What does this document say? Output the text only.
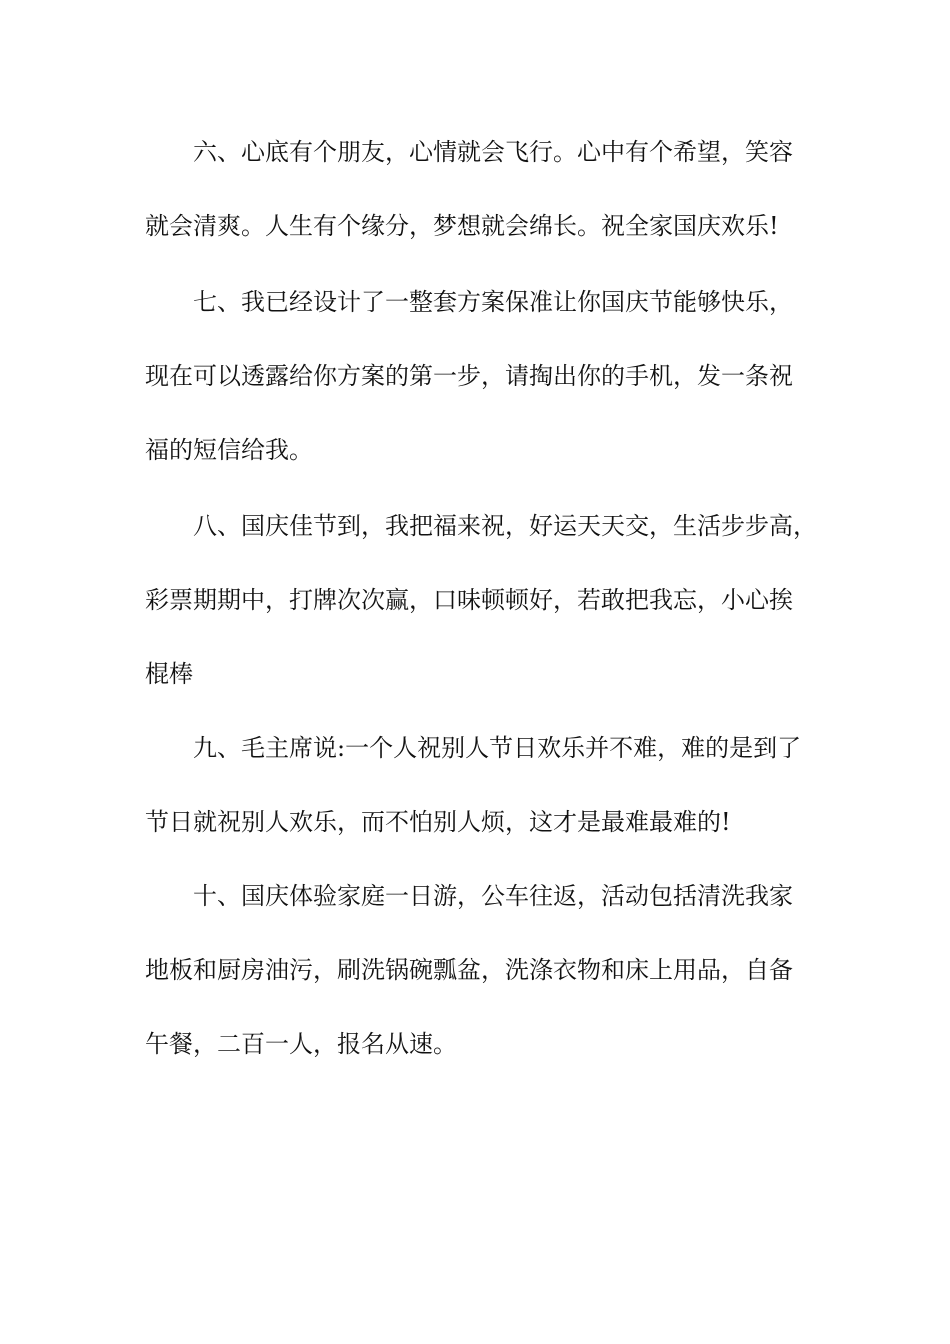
六、心底有个朋友，心情就会飞行。心中有个希望，笑容
就会清爽。人生有个缘分，梦想就会绵长。祝全家国庆欢乐!
七、我已经设计了一整套方案保准让你国庆节能够快乐，
现在可以透露给你方案的第一步，请掏出你的手机，发一条祝
福的短信给我。
八、国庆佳节到，我把福来祝，好运天天交，生活步步高，
彩票期期中，打牌次次赢，口味顿顿好，若敢把我忘，小心挨
棍棒
九、毛主席说:一个人祝别人节日欢乐并不难，难的是到了
节日就祝别人欢乐，而不怕别人烦，这才是最难最难的!
十、国庆体验家庭一日游，公车往返，活动包括清洗我家
地板和厨房油污，刷洗锅碗瓢盆，洗涤衣物和床上用品，自备
午餐，二百一人，报名从速。
